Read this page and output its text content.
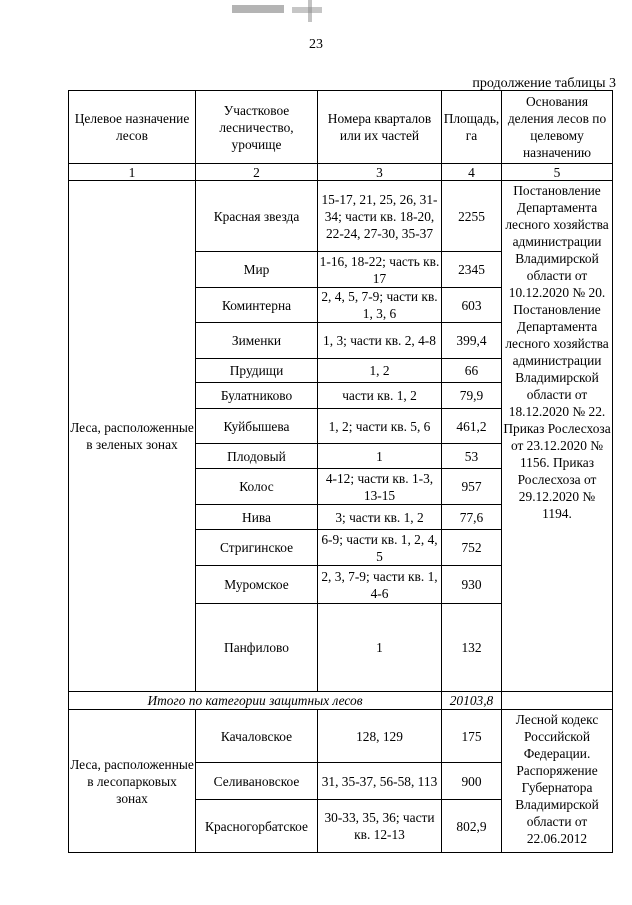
23
продолжение таблицы 3
Целевое назначение лесов	Участковое лесничество, урочище	Номера кварталов или их частей	Площадь, га	Основания деления лесов по целевому назначению
1	2	3	4	5
Леса, расположенные в зеленых зонах	Красная звезда	15-17, 21, 25, 26, 31-34; части кв. 18-20, 22-24, 27-30, 35-37	2255	Постановление Департамента лесного хозяйства администрации Владимирской области от 10.12.2020 № 20. Постановление Департамента лесного хозяйства администрации Владимирской области от 18.12.2020 № 22. Приказ Рослесхоза от 23.12.2020 № 1156. Приказ Рослесхоза от 29.12.2020 № 1194.

	Мир	1-16, 18-22; часть кв. 17	2345	
	Коминтерна	2, 4, 5, 7-9; части кв. 1, 3, 6	603	
	Зименки	1, 3; части кв. 2, 4-8	399,4	
	Прудищи	1, 2	66	
	Булатниково	части кв. 1, 2	79,9	
	Куйбышева	1, 2; части кв. 5, 6	461,2	
	Плодовый	1	53	
	Колос	4-12; части кв. 1-3, 13-15	957	
	Нива	3; части кв. 1, 2	77,6	
	Стригинское	6-9; части кв. 1, 2, 4, 5	752	
	Муромское	2, 3, 7-9; части кв. 1, 4-6	930	
	Панфилово	1	132	
Итого по категории защитных лесов			20103,8	
Леса, расположенные в лесопарковых зонах	Качаловское	128, 129	175	Лесной кодекс Российской Федерации. Распоряжение Губернатора Владимирской области от 22.06.2012

	Селивановское	31, 35-37, 56-58, 113	900	
	Красногорбатское	30-33, 35, 36; части кв. 12-13	802,9	
